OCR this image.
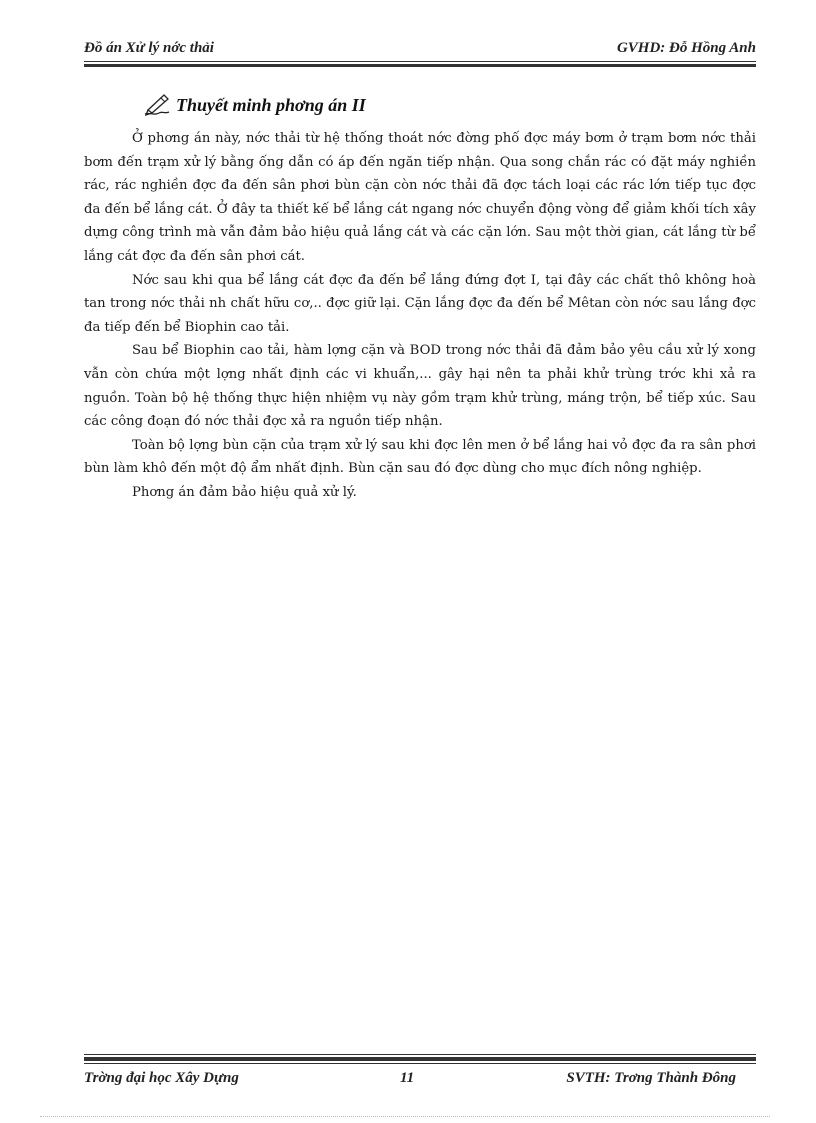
Đồ án Xử lý nớc thải	GVHD: Đỗ Hồng Anh
Thuyết minh phơng án II

Ở phơng án này, nớc thải từ hệ thống thoát nớc đờng phố đợc máy bơm ở trạm bơm nớc thải bơm đến trạm xử lý bằng ống dẫn có áp đến ngăn tiếp nhận. Qua song chắn rác có đặt máy nghiền rác, rác nghiền đợc đa đến sân phơi bùn cặn còn nớc thải đã đợc tách loại các rác lớn tiếp tục đợc đa đến bể lắng cát. Ở đây ta thiết kế bể lắng cát ngang nớc chuyển động vòng để giảm khối tích xây dựng công trình mà vẫn đảm bảo hiệu quả lắng cát và các cặn lớn. Sau một thời gian, cát lắng từ bể lắng cát đợc đa đến sân phơi cát.

Nớc sau khi qua bể lắng cát đợc đa đến bể lắng đứng đợt I, tại đây các chất thô không hoà tan trong nớc thải nh chất hữu cơ,.. đợc giữ lại. Cặn lắng đợc đa đến bể Mêtan còn nớc sau lắng đợc đa tiếp đến bể Biophin cao tải.

Sau bể Biophin cao tải, hàm lợng cặn và BOD trong nớc thải đã đảm bảo yêu cầu xử lý xong vẫn còn chứa một lợng nhất định các vi khuẩn,... gây hại nên ta phải khử trùng trớc khi xả ra nguồn. Toàn bộ hệ thống thực hiện nhiệm vụ này gồm trạm khử trùng, máng trộn, bể tiếp xúc. Sau các công đoạn đó nớc thải đợc xả ra nguồn tiếp nhận.

Toàn bộ lợng bùn cặn của trạm xử lý sau khi đợc lên men ở bể lắng hai vỏ đợc đa ra sân phơi bùn làm khô đến một độ ẩm nhất định. Bùn cặn sau đó đợc dùng cho mục đích nông nghiệp.

Phơng án đảm bảo hiệu quả xử lý.

Trờng đại học Xây Dựng	11	SVTH: Trơng Thành Đông
